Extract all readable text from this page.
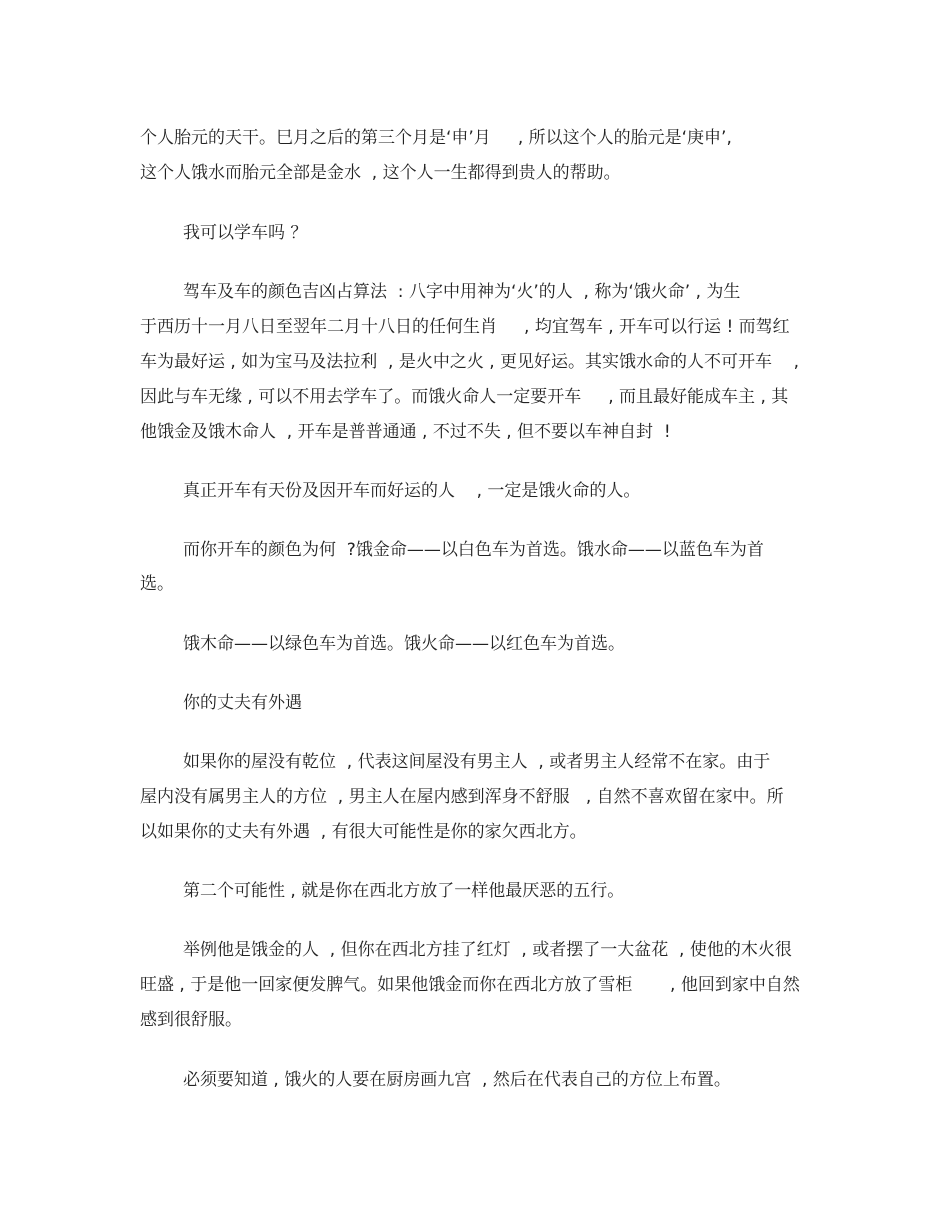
个人胎元的天干。巳月之后的第三个月是‘申’月     , 所以这个人的胎元是‘庚申’,
这个人饿水而胎元全部是金水  , 这个人一生都得到贵人的帮助。
我可以学车吗 ？
驾车及车的颜色吉凶占算法  : 八字中用神为‘火’的人  , 称为‘饿火命’ , 为生
于西历十一月八日至翌年二月十八日的任何生肖     , 均宜驾车 , 开车可以行运 ! 而驾红
车为最好运 , 如为宝马及法拉利  , 是火中之火 , 更见好运。其实饿水命的人不可开车    ,
因此与车无缘 , 可以不用去学车了。而饿火命人一定要开车     , 而且最好能成车主 , 其
他饿金及饿木命人  , 开车是普普通通 , 不过不失 , 但不要以车神自封  !
真正开车有天份及因开车而好运的人    , 一定是饿火命的人。
而你开车的颜色为何  ?饿金命——以白色车为首选。饿水命——以蓝色车为首
选。
饿木命——以绿色车为首选。饿火命——以红色车为首选。
你的丈夫有外遇
如果你的屋没有乾位  , 代表这间屋没有男主人  , 或者男主人经常不在家。由于
屋内没有属男主人的方位  , 男主人在屋内感到浑身不舒服   , 自然不喜欢留在家中。所
以如果你的丈夫有外遇  , 有很大可能性是你的家欠西北方。
第二个可能性 , 就是你在西北方放了一样他最厌恶的五行。
举例他是饿金的人  , 但你在西北方挂了红灯  , 或者摆了一大盆花  , 使他的木火很
旺盛 , 于是他一回家便发脾气。如果他饿金而你在西北方放了雪柜       , 他回到家中自然
感到很舒服。
必须要知道 , 饿火的人要在厨房画九宫  , 然后在代表自己的方位上布置。
